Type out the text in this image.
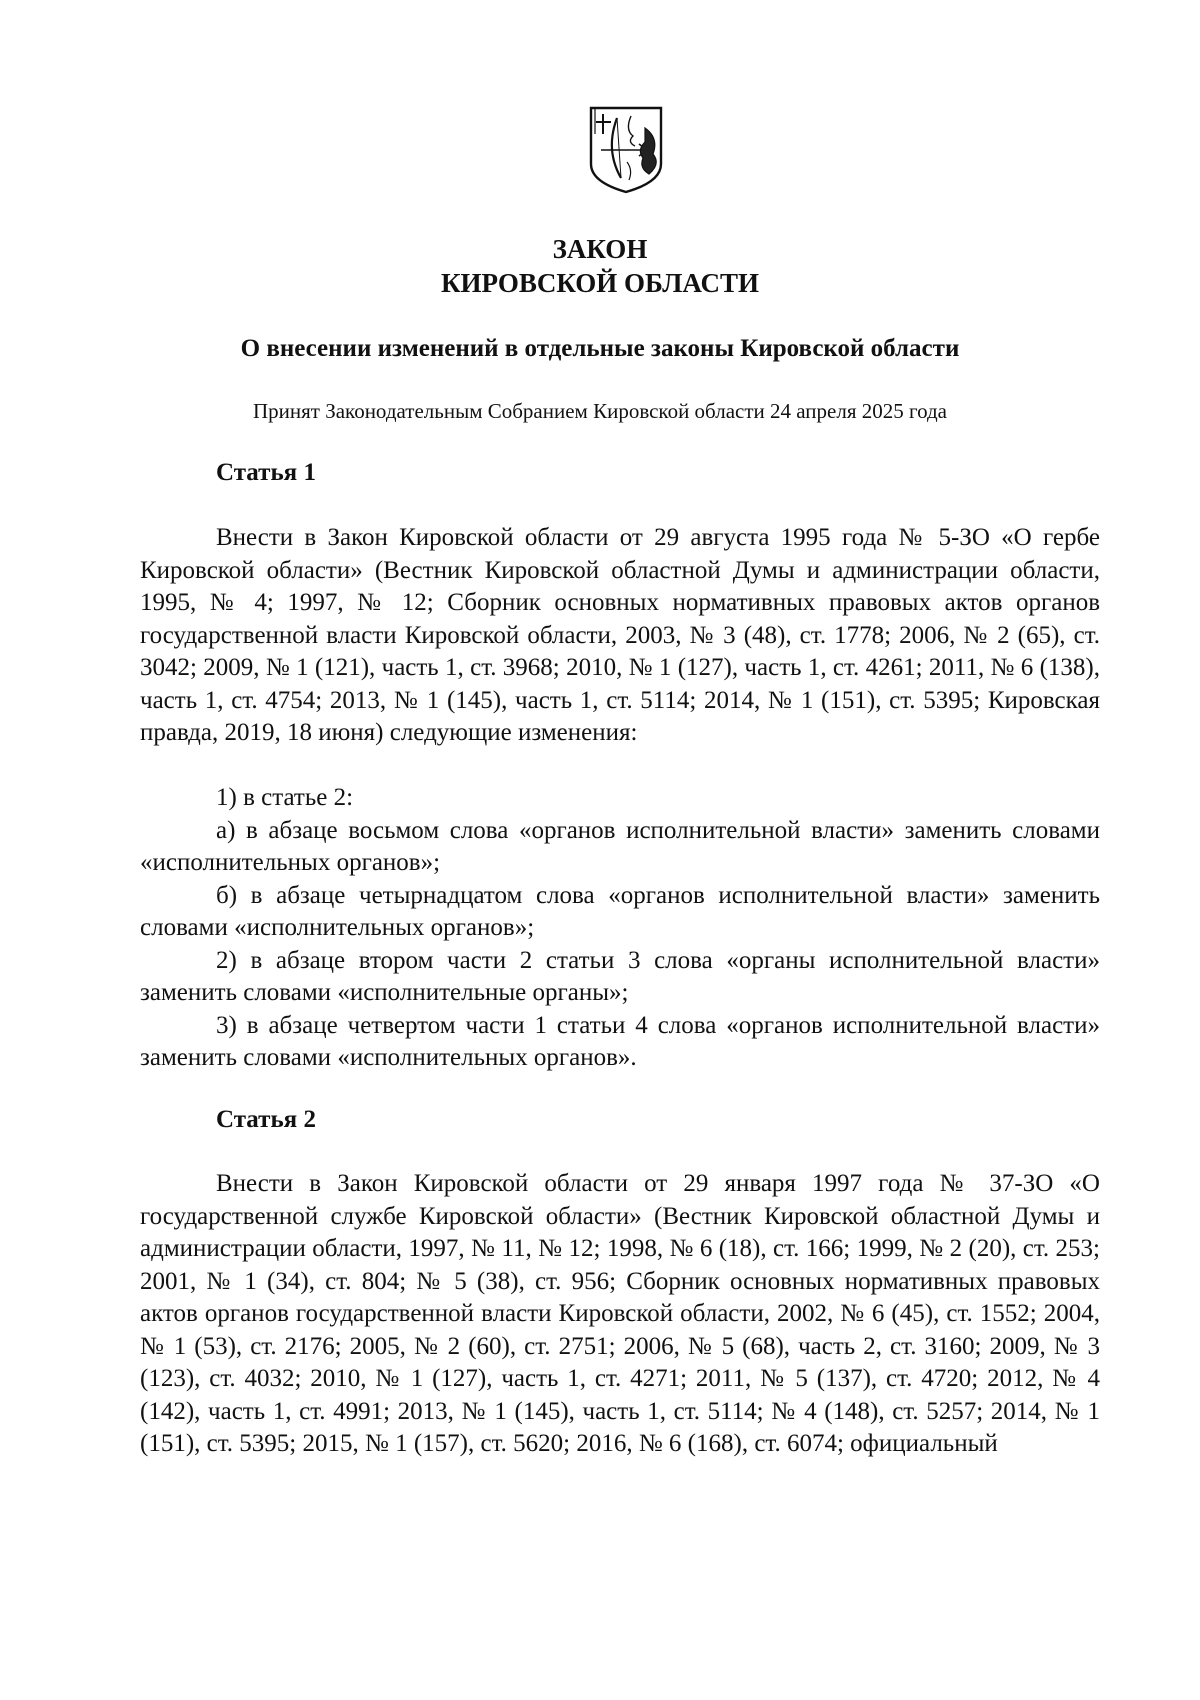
ЗАКОН
КИРОВСКОЙ ОБЛАСТИ
О внесении изменений в отдельные законы Кировской области
Принят Законодательным Собранием Кировской области 24 апреля 2025 года
Статья 1

Внести в Закон Кировской области от 29 августа 1995 года № 5-ЗО «О гербе Кировской области» (Вестник Кировской областной Думы и администрации области, 1995, № 4; 1997, № 12; Сборник основных нормативных правовых актов органов государственной власти Кировской области, 2003, № 3 (48), ст. 1778; 2006, № 2 (65), ст. 3042; 2009, № 1 (121), часть 1, ст. 3968; 2010, № 1 (127), часть 1, ст. 4261; 2011, № 6 (138), часть 1, ст. 4754; 2013, № 1 (145), часть 1, ст. 5114; 2014, № 1 (151), ст. 5395; Кировская правда, 2019, 18 июня) следующие изменения:

1) в статье 2:

а) в абзаце восьмом слова «органов исполнительной власти» заменить словами «исполнительных органов»;

б) в абзаце четырнадцатом слова «органов исполнительной власти» заменить словами «исполнительных органов»;

2) в абзаце втором части 2 статьи 3 слова «органы исполнительной власти» заменить словами «исполнительные органы»;

3) в абзаце четвертом части 1 статьи 4 слова «органов исполнительной власти» заменить словами «исполнительных органов».

Статья 2

Внести в Закон Кировской области от 29 января 1997 года № 37-ЗО «О государственной службе Кировской области» (Вестник Кировской областной Думы и администрации области, 1997, № 11, № 12; 1998, № 6 (18), ст. 166; 1999, № 2 (20), ст. 253; 2001, № 1 (34), ст. 804; № 5 (38), ст. 956; Сборник основных нормативных правовых актов органов государственной власти Кировской области, 2002, № 6 (45), ст. 1552; 2004, № 1 (53), ст. 2176; 2005, № 2 (60), ст. 2751; 2006, № 5 (68), часть 2, ст. 3160; 2009, № 3 (123), ст. 4032; 2010, № 1 (127), часть 1, ст. 4271; 2011, № 5 (137), ст. 4720; 2012, № 4 (142), часть 1, ст. 4991; 2013, № 1 (145), часть 1, ст. 5114; № 4 (148), ст. 5257; 2014, № 1 (151), ст. 5395; 2015, № 1 (157), ст. 5620; 2016, № 6 (168), ст. 6074; официальный
